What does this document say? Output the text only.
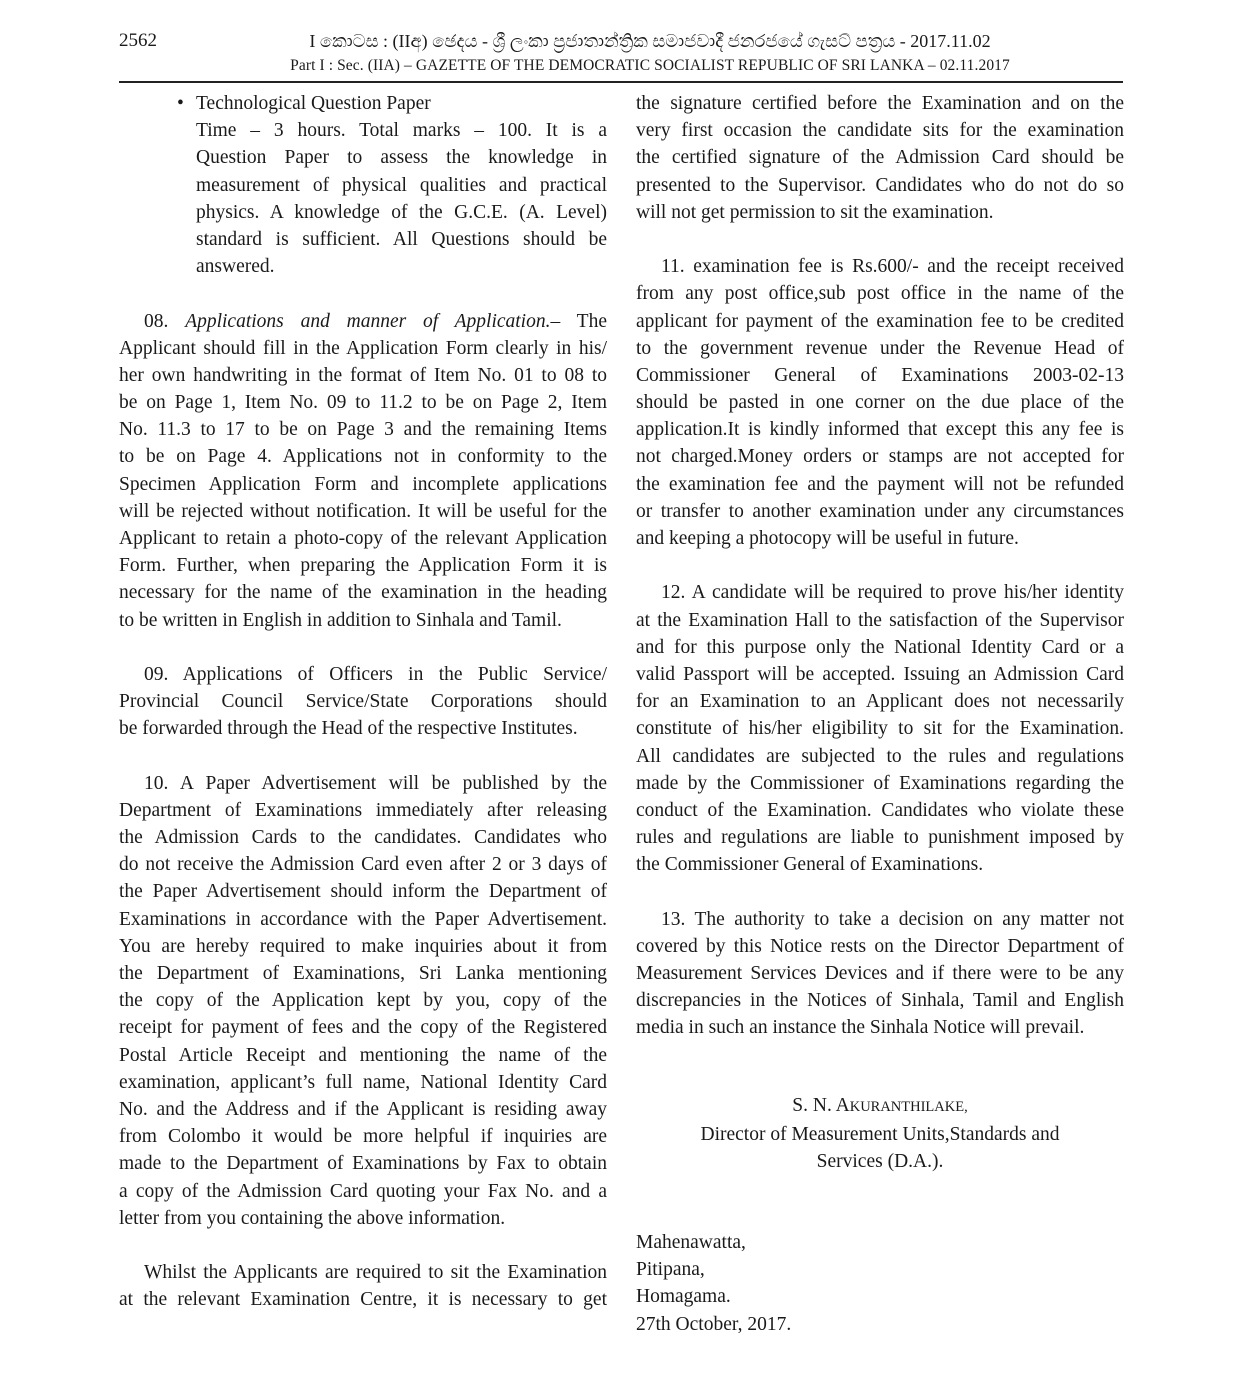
2562	I කොටස : (IIඅ) ඡෙදය - ශ්‍රී ලංකා ප්‍රජාතාන්ත්‍රික සමාජවාදී ජනරජයේ ගැසට් පත්‍රය - 2017.11.02
Part I : Sec. (IIA) – GAZETTE OF THE DEMOCRATIC SOCIALIST REPUBLIC OF SRI LANKA – 02.11.2017
• Technological Question Paper
Time – 3 hours. Total marks – 100. It is a
Question Paper to assess the knowledge in
measurement of physical qualities and practical
physics. A knowledge of the G.C.E. (A. Level)
standard is sufficient. All Questions should be
answered.
08. Applications and manner of Application.– The
Applicant should fill in the Application Form clearly in his/
her own handwriting in the format of Item No. 01 to 08 to
be on Page 1, Item No. 09 to 11.2 to be on Page 2, Item
No. 11.3 to 17 to be on Page 3 and the remaining Items
to be on Page 4. Applications not in conformity to the
Specimen Application Form and incomplete applications
will be rejected without notification. It will be useful for the
Applicant to retain a photo-copy of the relevant Application
Form. Further, when preparing the Application Form it is
necessary for the name of the examination in the heading
to be written in English in addition to Sinhala and Tamil.
09. Applications of Officers in the Public Service/
Provincial Council Service/State Corporations should
be forwarded through the Head of the respective Institutes.
10. A Paper Advertisement will be published by the
Department of Examinations immediately after releasing
the Admission Cards to the candidates. Candidates who
do not receive the Admission Card even after 2 or 3 days of
the Paper Advertisement should inform the Department of
Examinations in accordance with the Paper Advertisement.
You are hereby required to make inquiries about it from
the Department of Examinations, Sri Lanka mentioning
the copy of the Application kept by you, copy of the
receipt for payment of fees and the copy of the Registered
Postal Article Receipt and mentioning the name of the
examination, applicant’s full name, National Identity Card
No. and the Address and if the Applicant is residing away
from Colombo it would be more helpful if inquiries are
made to the Department of Examinations by Fax to obtain
a copy of the Admission Card quoting your Fax No. and a
letter from you containing the above information.
Whilst the Applicants are required to sit the Examination
at the relevant Examination Centre, it is necessary to get
the signature certified before the Examination and on the
very first occasion the candidate sits for the examination
the certified signature of the Admission Card should be
presented to the Supervisor. Candidates who do not do so
will not get permission to sit the examination.
11. examination fee is Rs.600/- and the receipt received
from any post office,sub post office in the name of the
applicant for payment of the examination fee to be credited
to the government revenue under the Revenue Head of
Commissioner General of Examinations 2003-02-13
should be pasted in one corner on the due place of the
application.It is kindly informed that except this any fee is
not charged.Money orders or stamps are not accepted for
the examination fee and the payment will not be refunded
or transfer to another examination under any circumstances
and keeping a photocopy will be useful in future.
12. A candidate will be required to prove his/her identity
at the Examination Hall to the satisfaction of the Supervisor
and for this purpose only the National Identity Card or a
valid Passport will be accepted. Issuing an Admission Card
for an Examination to an Applicant does not necessarily
constitute of his/her eligibility to sit for the Examination.
All candidates are subjected to the rules and regulations
made by the Commissioner of Examinations regarding the
conduct of the Examination. Candidates who violate these
rules and regulations are liable to punishment imposed by
the Commissioner General of Examinations.
13. The authority to take a decision on any matter not
covered by this Notice rests on the Director Department of
Measurement Services Devices and if there were to be any
discrepancies in the Notices of Sinhala, Tamil and English
media in such an instance the Sinhala Notice will prevail.
S. N. AKURANTHILAKE,
Director of Measurement Units,Standards and
Services (D.A.).
Mahenawatta,
Pitipana,
Homagama.
27th October, 2017.
